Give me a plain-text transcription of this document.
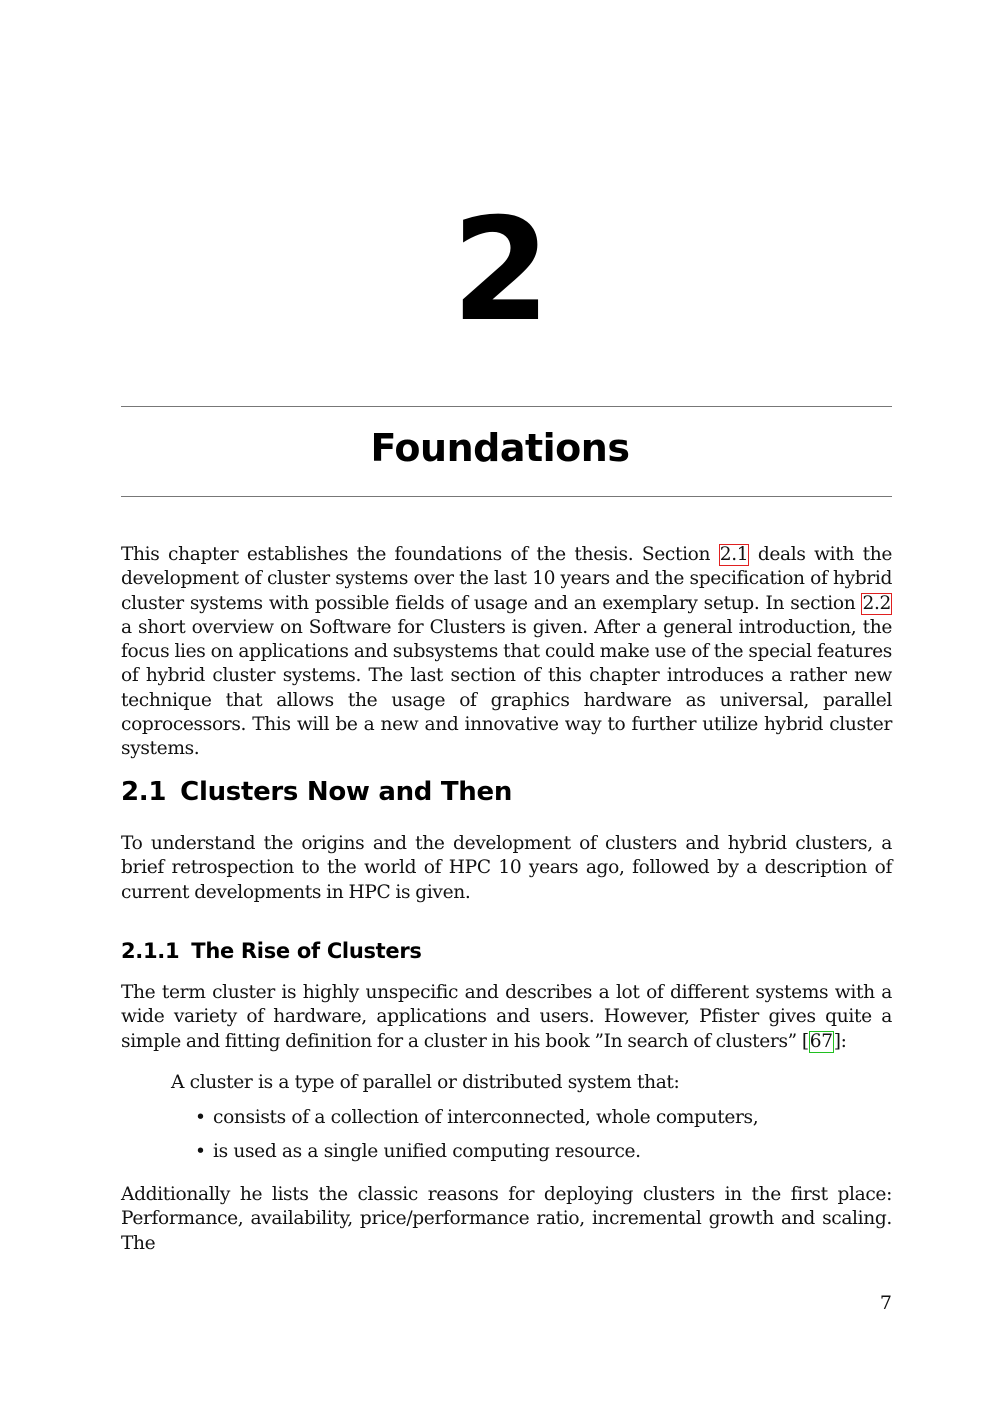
2
Foundations

This chapter establishes the foundations of the thesis. Section 2.1 deals with the development of cluster systems over the last 10 years and the specification of hybrid cluster systems with possible fields of usage and an exemplary setup. In section 2.2 a short overview on Software for Clusters is given. After a general introduction, the focus lies on applications and subsystems that could make use of the special features of hybrid cluster systems. The last section of this chapter introduces a rather new technique that allows the usage of graphics hardware as universal, parallel coprocessors. This will be a new and innovative way to further utilize hybrid cluster systems.

2.1 Clusters Now and Then

To understand the origins and the development of clusters and hybrid clusters, a brief retrospection to the world of HPC 10 years ago, followed by a description of current developments in HPC is given.

2.1.1 The Rise of Clusters

The term cluster is highly unspecific and describes a lot of different systems with a wide variety of hardware, applications and users. However, Pfister gives quite a simple and fitting definition for a cluster in his book ”In search of clusters” [67]:

A cluster is a type of parallel or distributed system that:

• consists of a collection of interconnected, whole computers,
• is used as a single unified computing resource.

Additionally he lists the classic reasons for deploying clusters in the first place: Performance, availability, price/performance ratio, incremental growth and scaling. The

7
